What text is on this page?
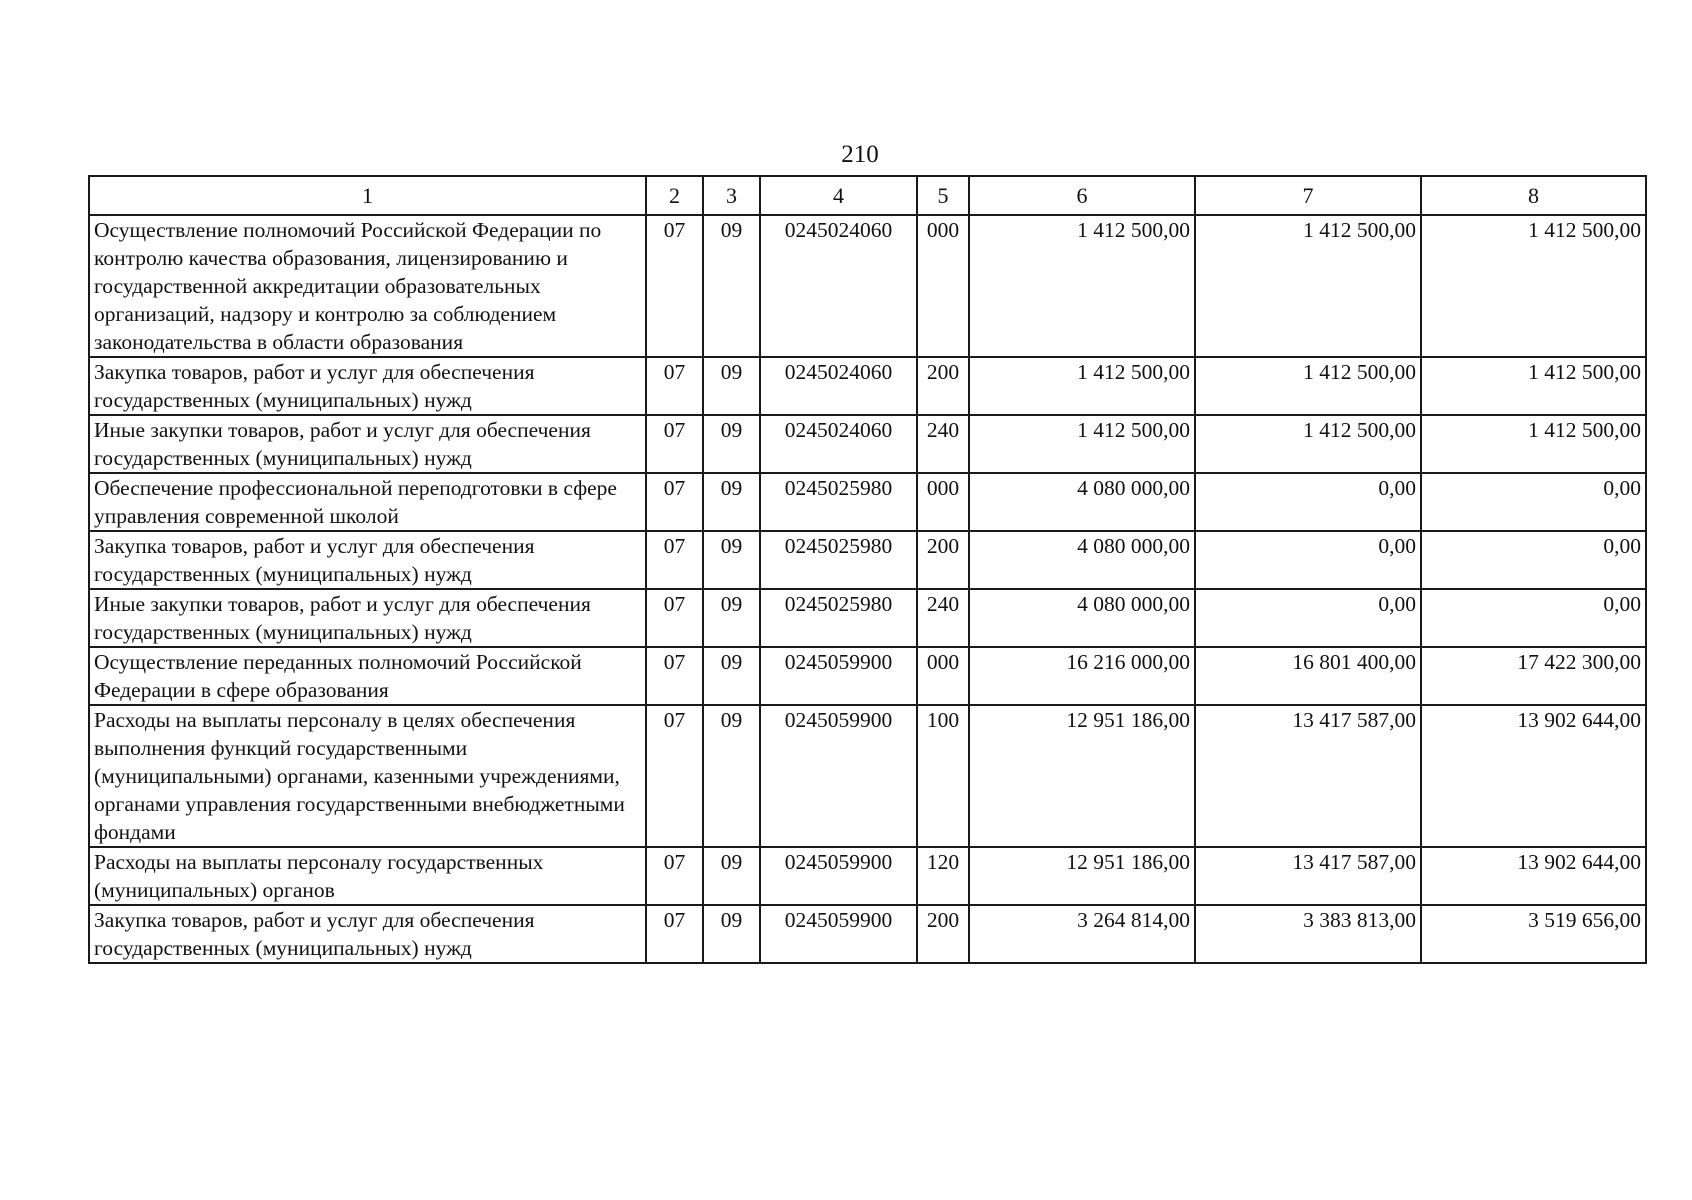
210
1	2	3	4	5	6	7	8
Осуществление полномочий Российской Федерации по контролю качества образования, лицензированию и государственной аккредитации образовательных организаций, надзору и контролю за соблюдением законодательства в области образования	07	09	0245024060	000	1 412 500,00	1 412 500,00	1 412 500,00
Закупка товаров, работ и услуг для обеспечения государственных (муниципальных) нужд	07	09	0245024060	200	1 412 500,00	1 412 500,00	1 412 500,00
Иные закупки товаров, работ и услуг для обеспечения государственных (муниципальных) нужд	07	09	0245024060	240	1 412 500,00	1 412 500,00	1 412 500,00
Обеспечение профессиональной переподготовки в сфере управления современной школой	07	09	0245025980	000	4 080 000,00	0,00	0,00
Закупка товаров, работ и услуг для обеспечения государственных (муниципальных) нужд	07	09	0245025980	200	4 080 000,00	0,00	0,00
Иные закупки товаров, работ и услуг для обеспечения государственных (муниципальных) нужд	07	09	0245025980	240	4 080 000,00	0,00	0,00
Осуществление переданных полномочий Российской Федерации в сфере образования	07	09	0245059900	000	16 216 000,00	16 801 400,00	17 422 300,00
Расходы на выплаты персоналу в целях обеспечения выполнения функций государственными (муниципальными) органами, казенными учреждениями, органами управления государственными внебюджетными фондами	07	09	0245059900	100	12 951 186,00	13 417 587,00	13 902 644,00
Расходы на выплаты персоналу государственных (муниципальных) органов	07	09	0245059900	120	12 951 186,00	13 417 587,00	13 902 644,00
Закупка товаров, работ и услуг для обеспечения государственных (муниципальных) нужд	07	09	0245059900	200	3 264 814,00	3 383 813,00	3 519 656,00
